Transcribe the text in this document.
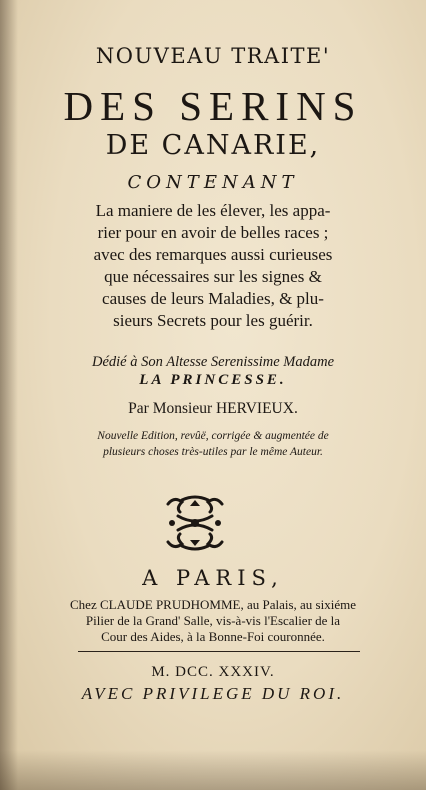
NOUVEAU TRAITE'
DES SERINS
DE CANARIE,
CONTENANT
La maniere de les élever, les appa-
rier pour en avoir de belles races ;
avec des remarques aussi curieuses
que nécessaires sur les signes &
causes de leurs Maladies, & plu-
sieurs Secrets pour les guérir.
Dédié à Son Altesse Serenissime Madame
LA PRINCESSE.
Par Monsieur HERVIEUX.
Nouvelle Edition, revûë, corrigée & augmentée de
plusieurs choses très-utiles par le même Auteur.
A PARIS,
Chez CLAUDE PRUDHOMME, au Palais, au sixiéme
Pilier de la Grand' Salle, vis-à-vis l'Escalier de la
Cour des Aides, à la Bonne-Foi couronnée.
M. DCC. XXXIV.
AVEC PRIVILEGE DU ROI.
